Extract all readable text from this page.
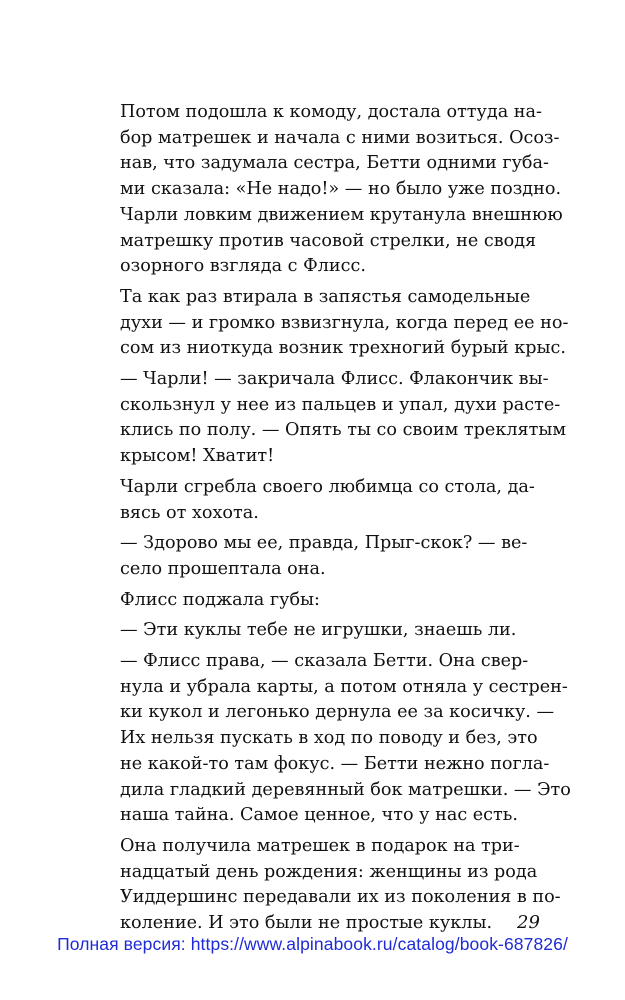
Потом подошла к комоду, достала оттуда на-
бор матрешек и начала с ними возиться. Осоз-
нав, что задумала сестра, Бетти одними губа-
ми сказала: «Не надо!» — но было уже поздно.
Чарли ловким движением крутанула внешнюю
матрешку против часовой стрелки, не сводя
озорного взгляда с Флисс.
Та как раз втирала в запястья самодельные
духи — и громко взвизгнула, когда перед ее но-
сом из ниоткуда возник трехногий бурый крыс.
— Чарли! — закричала Флисс. Флакончик вы-
скользнул у нее из пальцев и упал, духи расте-
клись по полу. — Опять ты со своим треклятым
крысом! Хватит!
Чарли сгребла своего любимца со стола, да-
вясь от хохота.
— Здорово мы ее, правда, Прыг-скок? — ве-
село прошептала она.
Флисс поджала губы:
— Эти куклы тебе не игрушки, знаешь ли.
— Флисс права, — сказала Бетти. Она свер-
нула и убрала карты, а потом отняла у сестрен-
ки кукол и легонько дернула ее за косичку. —
Их нельзя пускать в ход по поводу и без, это
не какой-то там фокус. — Бетти нежно погла-
дила гладкий деревянный бок матрешки. — Это
наша тайна. Самое ценное, что у нас есть.
Она получила матрешек в подарок на три-
надцатый день рождения: женщины из рода
Уиддершинс передавали их из поколения в по-
коление. И это были не простые куклы.	29
Полная версия: https://www.alpinabook.ru/catalog/book-687826/
